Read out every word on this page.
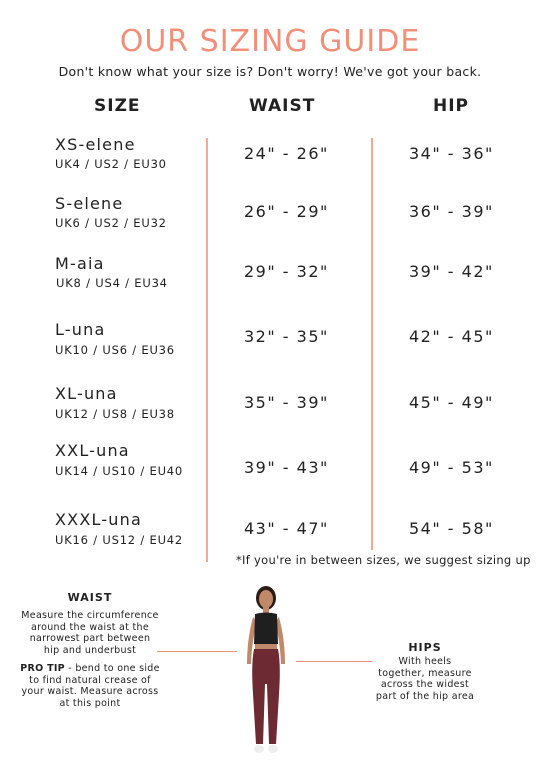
OUR SIZING GUIDE
Don't know what your size is? Don't worry! We've got your back.
SIZE	WAIST	HIP
XS-elene
UK4 / US2 / EU30
24" - 26"	34" - 36"
S-elene
UK6 / US2 / EU32
26" - 29"	36" - 39"
M-aia
UK8 / US4 / EU34
29" - 32"	39" - 42"
L-una
UK10 / US6 / EU36
32" - 35"	42" - 45"
XL-una
UK12 / US8 / EU38
35" - 39"	45" - 49"
XXL-una
UK14 / US10 / EU40	39" - 43"	49" - 53"
XXXL-una
UK16 / US12 / EU42
43" - 47"	54" - 58"
*If you're in between sizes, we suggest sizing up
WAIST
Measure the circumference
around the waist at the
narrowest part between
hip and underbust
PRO TIP - bend to one side
to find natural crease of
your waist. Measure across
at this point
HIPS
With heels
together, measure
across the widest
part of the hip area
